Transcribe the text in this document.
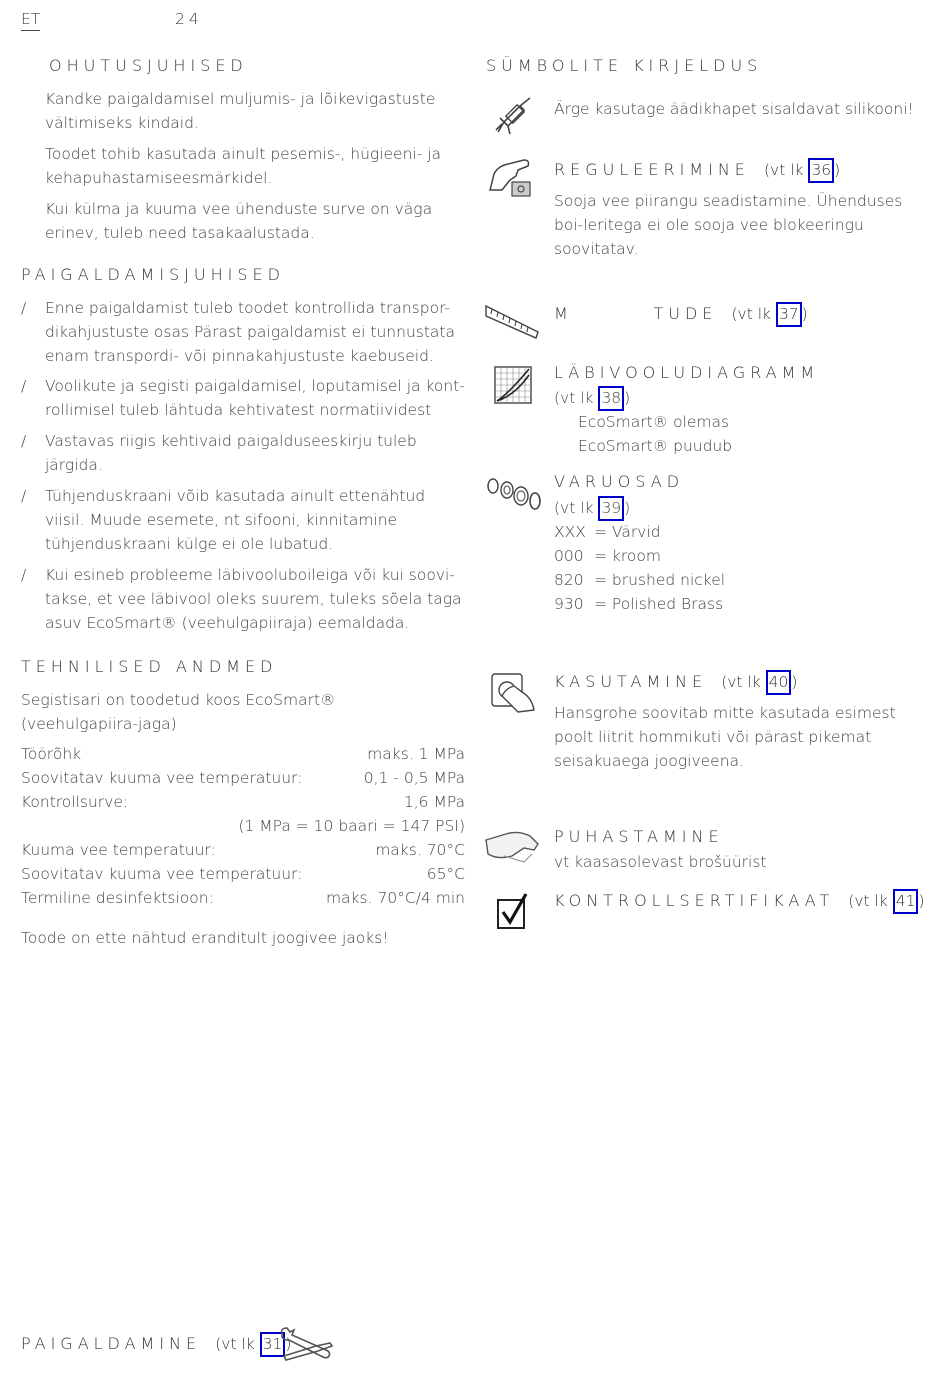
ET	24
OHUTUSJUHISED

Kandke paigaldamisel muljumis- ja lõikevigastuste vältimiseks kindaid.

Toodet tohib kasutada ainult pesemis-, hügieeni- ja kehapuhastamiseesmärkidel.

Kui külma ja kuuma vee ühenduste surve on väga erinev, tuleb need tasakaalustada.

PAIGALDAMISJUHISED
/ Enne paigaldamist tuleb toodet kontrollida transpor-dikahjustuste osas Pärast paigaldamist ei tunnustata enam transpordi- või pinnakahjustuste kaebuseid.
/ Voolikute ja segisti paigaldamisel, loputamisel ja kont-rollimisel tuleb lähtuda kehtivatest normatiividest
/ Vastavas riigis kehtivaid paigalduseeskirju tuleb järgida.
/ Tühjenduskraani võib kasutada ainult ettenähtud viisil. Muude esemete, nt sifooni, kinnitamine tühjenduskraani külge ei ole lubatud.
/ Kui esineb probleeme läbivooluboileiga või kui soovi-takse, et vee läbivool oleks suurem, tuleks sõela taga asuv EcoSmart® (veehulgapiiraja) eemaldada.
TEHNILISED ANDMED
Segistisari on toodetud koos EcoSmart® (veehulgapiira-jaga)
Töörõhk	maks. 1 MPa
Soovitatav kuuma vee temperatuur:	0,1 - 0,5 MPa
Kontrollsurve:	1,6 MPa
(1 MPa = 10 baari = 147 PSI)
Kuuma vee temperatuur:	maks. 70°C
Soovitatav kuuma vee temperatuur:	65°C
Termiline desinfektsioon:	maks. 70°C/4 min
Toode on ette nähtud eranditult joogivee jaoks!
PAIGALDAMINE (vt lk 31 )
SÜMBOLITE KIRJELDUS
Ärge kasutage äädikhapet sisaldavat silikooni!
REGULEERIMINE (vt lk 36 )
Sooja vee piirangu seadistamine. Ühenduses boi-leritega ei ole sooja vee blokeeringu soovitatav.
M        TUDE (vt lk 37 )
LÄBIVOOLUDIAGRAMM
(vt lk 38 )
EcoSmart® olemas
EcoSmart® puudub
VARUOSAD
(vt lk 39 )
XXX = Värvid
000 = kroom
820 = brushed nickel
930 = Polished Brass
KASUTAMINE (vt lk 40 )
Hansgrohe soovitab mitte kasutada esimest poolt liitrit hommikuti või pärast pikemat seisakuaega joogiveena.
PUHASTAMINE
vt kaasasolevast brošüürist
KONTROLLSERTIFIKAAT (vt lk 41 )
